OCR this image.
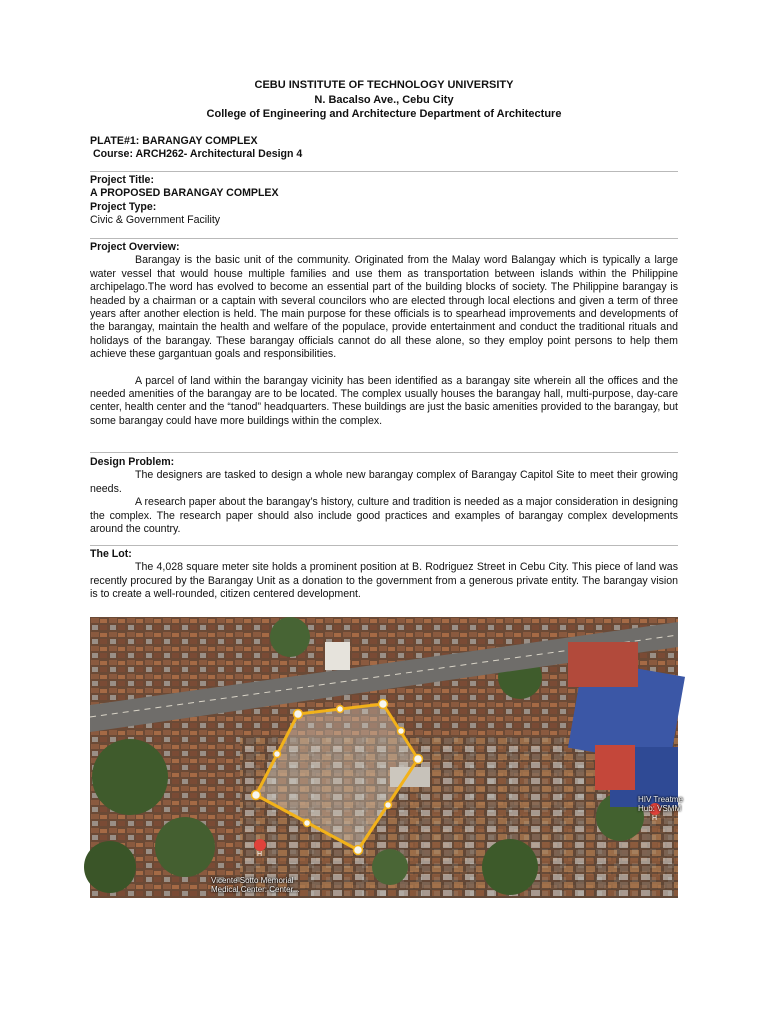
CEBU INSTITUTE OF TECHNOLOGY UNIVERSITY
N. Bacalso Ave., Cebu City
College of Engineering and Architecture Department of Architecture
PLATE#1: BARANGAY COMPLEX
Course: ARCH262- Architectural Design 4
Project Title:
A PROPOSED BARANGAY COMPLEX
Project Type:
Civic & Government Facility
Project Overview:

Barangay is the basic unit of the community. Originated from the Malay word Balangay which is typically a large water vessel that would house multiple families and use them as transportation between islands within the Philippine archipelago.The word has evolved to become an essential part of the building blocks of society. The Philippine barangay is headed by a chairman or a captain with several councilors who are elected through local elections and given a term of three years after another election is held. The main purpose for these officials is to spearhead improvements and developments of the barangay, maintain the health and welfare of the populace, provide entertainment and conduct the traditional rituals and holidays of the barangay. These barangay officials cannot do all these alone, so they employ point persons to help them achieve these gargantuan goals and responsibilities.

A parcel of land within the barangay vicinity has been identified as a barangay site wherein all the offices and the needed amenities of the barangay are to be located. The complex usually houses the barangay hall, multi-purpose, day-care center, health center and the “tanod” headquarters. These buildings are just the basic amenities provided to the barangay, but some barangay could have more buildings within the complex.

Design Problem:

The designers are tasked to design a whole new barangay complex of Barangay Capitol Site to meet their growing needs.

A research paper about the barangay’s history, culture and tradition is needed as a major consideration in designing the complex. The research paper should also include good practices and examples of barangay complex developments around the country.

The Lot:

The 4,028 square meter site holds a prominent position at B. Rodriguez Street in Cebu City. This piece of land was recently procured by the Barangay Unit as a donation to the government from a generous private entity. The barangay vision is to create a well-rounded, citizen centered development.

H
H
Vicente Sotto Memorial
Medical Center: Center...
HIV Treatme
Hub: VSMM
